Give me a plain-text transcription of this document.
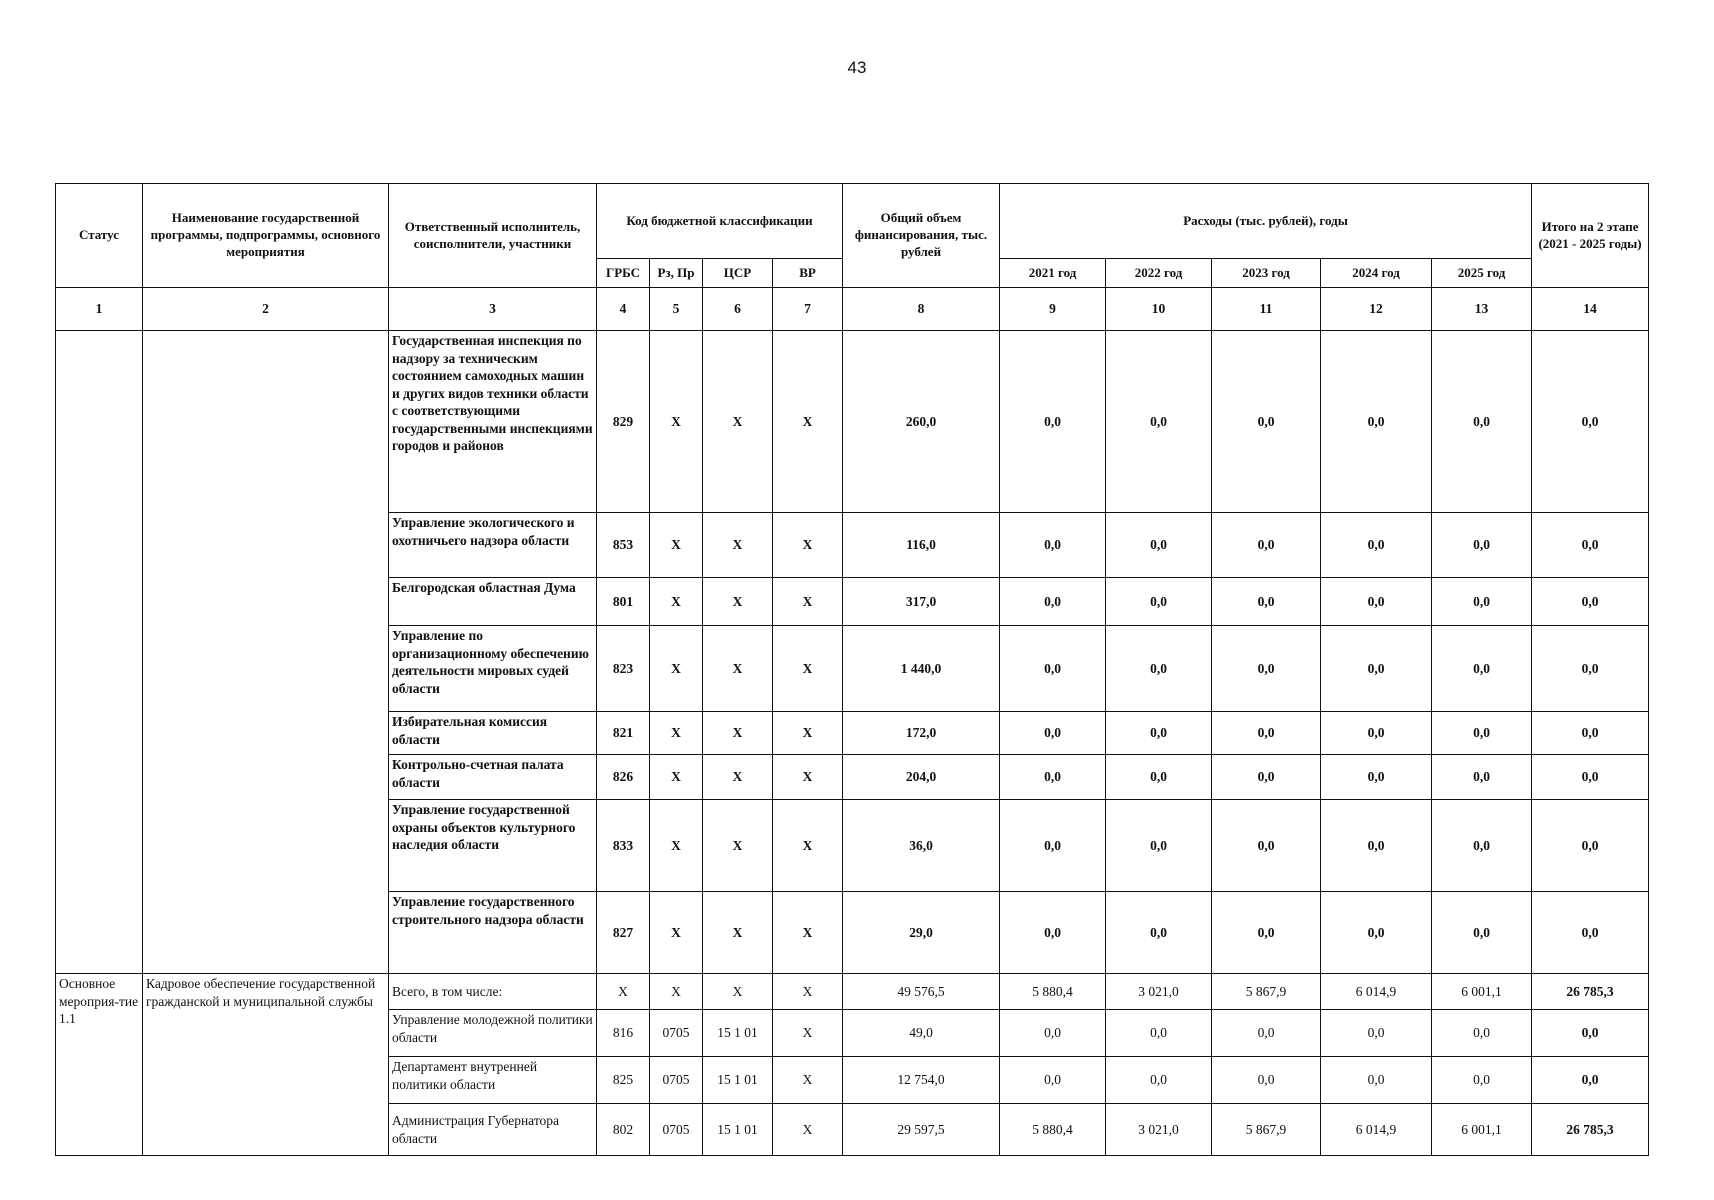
43
Статус	Наименование государственной программы, подпрограммы, основного мероприятия	Ответственный исполнитель, соисполнители, участники	Код бюджетной классификации				Общий объем финансирования, тыс. рублей	Расходы (тыс. рублей), годы					Итого на 2 этапе (2021 - 2025 годы)
			ГРБС	Рз, Пр	ЦСР	ВР		2021 год	2022 год	2023 год	2024 год	2025 год	
1	2	3	4	5	6	7	8	9	10	11	12	13	14
		Государственная инспекция по надзору за техническим состоянием самоходных машин и других видов техники области с соответствующими государственными инспекциями городов и районов	829	Х	Х	Х	260,0	0,0	0,0	0,0	0,0	0,0	0,0
		Управление экологического и охотничьего надзора области	853	Х	Х	Х	116,0	0,0	0,0	0,0	0,0	0,0	0,0
		Белгородская областная Дума	801	Х	Х	Х	317,0	0,0	0,0	0,0	0,0	0,0	0,0
		Управление по организационному обеспечению деятельности мировых судей области	823	Х	Х	Х	1 440,0	0,0	0,0	0,0	0,0	0,0	0,0
		Избирательная комиссия области	821	Х	Х	Х	172,0	0,0	0,0	0,0	0,0	0,0	0,0
		Контрольно-счетная палата области	826	Х	Х	Х	204,0	0,0	0,0	0,0	0,0	0,0	0,0
		Управление государственной охраны объектов культурного наследия области	833	Х	Х	Х	36,0	0,0	0,0	0,0	0,0	0,0	0,0
		Управление государственного строительного надзора области	827	Х	Х	Х	29,0	0,0	0,0	0,0	0,0	0,0	0,0
Основное мероприя-тие 1.1	Кадровое обеспечение государственной гражданской и муниципальной службы	Всего, в том числе:	Х	Х	Х	Х	49 576,5	5 880,4	3 021,0	5 867,9	6 014,9	6 001,1	26 785,3
		Управление молодежной политики области	816	0705	15 1 01	Х	49,0	0,0	0,0	0,0	0,0	0,0	0,0
		Департамент внутренней политики области	825	0705	15 1 01	Х	12 754,0	0,0	0,0	0,0	0,0	0,0	0,0
		Администрация Губернатора области	802	0705	15 1 01	Х	29 597,5	5 880,4	3 021,0	5 867,9	6 014,9	6 001,1	26 785,3
